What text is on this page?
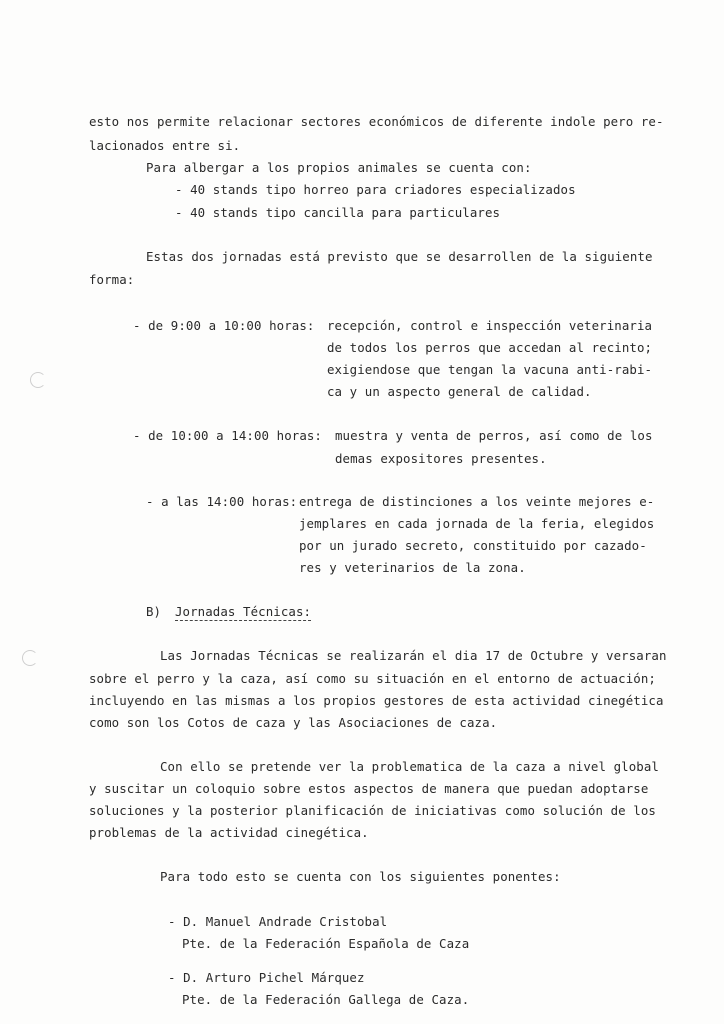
esto nos permite relacionar sectores económicos de diferente indole pero re-
lacionados entre si.
Para albergar a los propios animales se cuenta con:
- 40 stands tipo horreo para criadores especializados
- 40 stands tipo cancilla para particulares
Estas dos jornadas está previsto que se desarrollen de la siguiente
forma:
- de 9:00 a 10:00 horas: recepción, control e inspección veterinaria
de todos los perros que accedan al recinto;
exigiendose que tengan la vacuna anti-rabi-
ca y un aspecto general de calidad.
- de 10:00 a 14:00 horas: muestra y venta de perros, así como de los
demas expositores presentes.
- a las 14:00 horas: entrega de distinciones a los veinte mejores e-
jemplares en cada jornada de la feria, elegidos
por un jurado secreto, constituido por cazado-
res y veterinarios de la zona.
B) Jornadas Técnicas:
Las Jornadas Técnicas se realizarán el dia 17 de Octubre y versaran
sobre el perro y la caza, así como su situación en el entorno de actuación;
incluyendo en las mismas a los propios gestores de esta actividad cinegética
como son los Cotos de caza y las Asociaciones de caza.
Con ello se pretende ver la problematica de la caza a nivel global
y suscitar un coloquio sobre estos aspectos de manera que puedan adoptarse
soluciones y la posterior planificación de iniciativas como solución de los
problemas de la actividad cinegética.
Para todo esto se cuenta con los siguientes ponentes:
- D. Manuel Andrade Cristobal
Pte. de la Federación Española de Caza
- D. Arturo Pichel Márquez
Pte. de la Federación Gallega de Caza.
